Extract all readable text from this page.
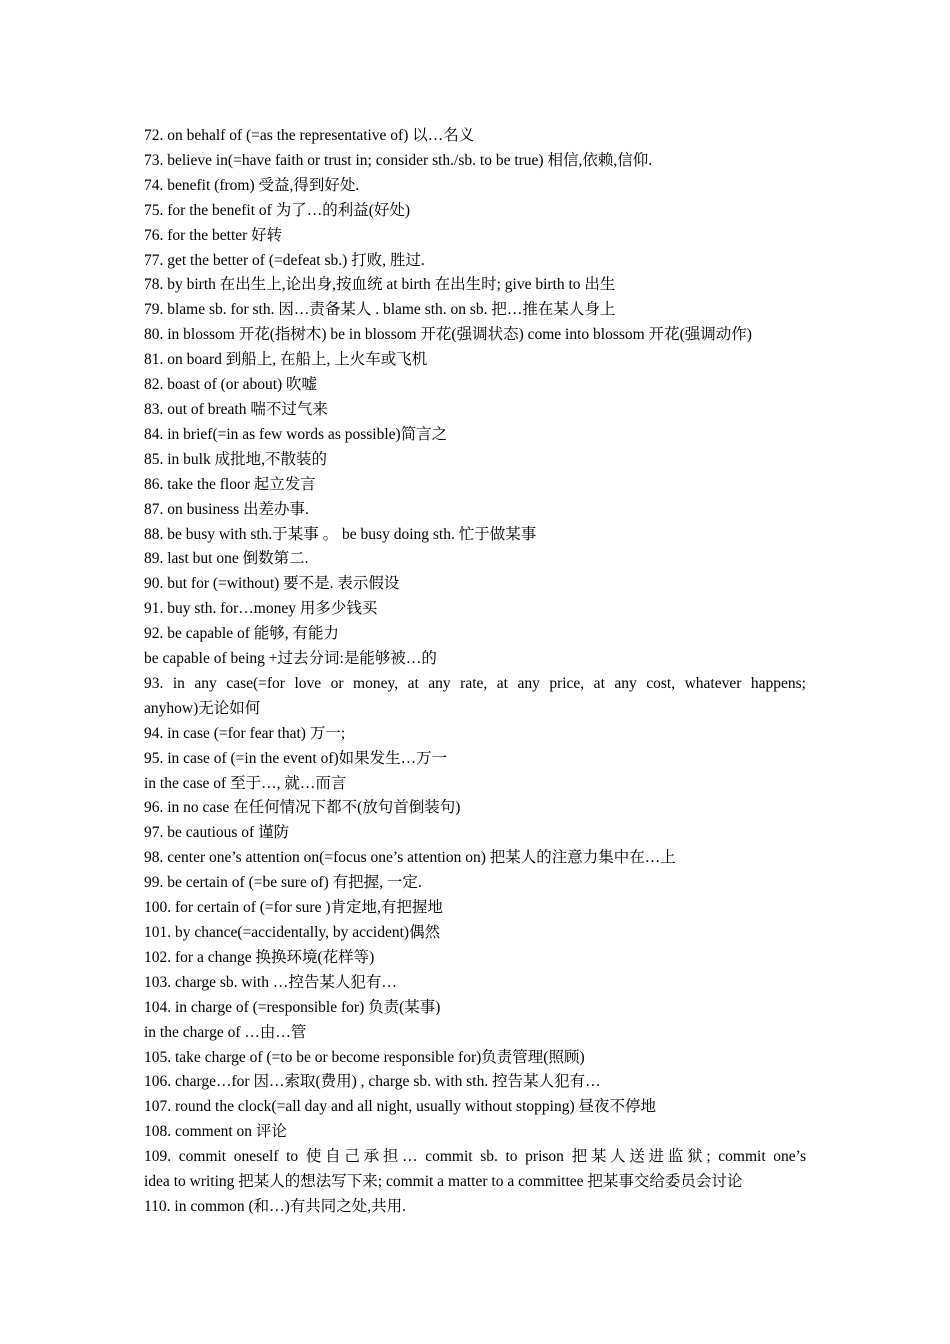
72. on behalf of (=as the representative of) 以…名义
73. believe in(=have faith or trust in; consider sth./sb. to be true) 相信,依赖,信仰.
74. benefit (from) 受益,得到好处.
75. for the benefit of 为了…的利益(好处)
76. for the better 好转
77. get the better of (=defeat sb.) 打败, 胜过.
78. by birth 在出生上,论出身,按血统 at birth 在出生时; give birth to 出生
79. blame sb. for sth. 因…责备某人 . blame sth. on sb. 把…推在某人身上
80. in blossom 开花(指树木) be in blossom 开花(强调状态) come into blossom 开花(强调动作)
81. on board 到船上, 在船上, 上火车或飞机
82. boast of (or about) 吹嘘
83. out of breath 喘不过气来
84. in brief(=in as few words as possible)简言之
85. in bulk 成批地,不散装的
86. take the floor 起立发言
87. on business 出差办事.
88. be busy with sth.于某事 。 be busy doing sth. 忙于做某事
89. last but one 倒数第二.
90. but for (=without) 要不是. 表示假设
91. buy sth. for…money 用多少钱买
92. be capable of 能够, 有能力
be capable of being +过去分词:是能够被…的
93. in any case(=for love or money, at any rate, at any price, at any cost, whatever happens;
anyhow)无论如何
94. in case (=for fear that) 万一;
95. in case of (=in the event of)如果发生…万一
in the case of 至于…, 就…而言
96. in no case 在任何情况下都不(放句首倒装句)
97. be cautious of 谨防
98. center one’s attention on(=focus one’s attention on) 把某人的注意力集中在…上
99. be certain of (=be sure of) 有把握, 一定.
100. for certain of (=for sure )肯定地,有把握地
101. by chance(=accidentally, by accident)偶然
102. for a change 换换环境(花样等)
103. charge sb. with …控告某人犯有…
104. in charge of (=responsible for) 负责(某事)
in the charge of …由…管
105. take charge of (=to be or become responsible for)负责管理(照顾)
106. charge…for 因…索取(费用) , charge sb. with sth. 控告某人犯有…
107. round the clock(=all day and all night, usually without stopping) 昼夜不停地
108. comment on 评论
109. commit oneself to 使自己承担… commit sb. to prison 把某人送进监狱; commit one’s
idea to writing 把某人的想法写下来; commit a matter to a committee 把某事交给委员会讨论
110. in common (和…)有共同之处,共用.
